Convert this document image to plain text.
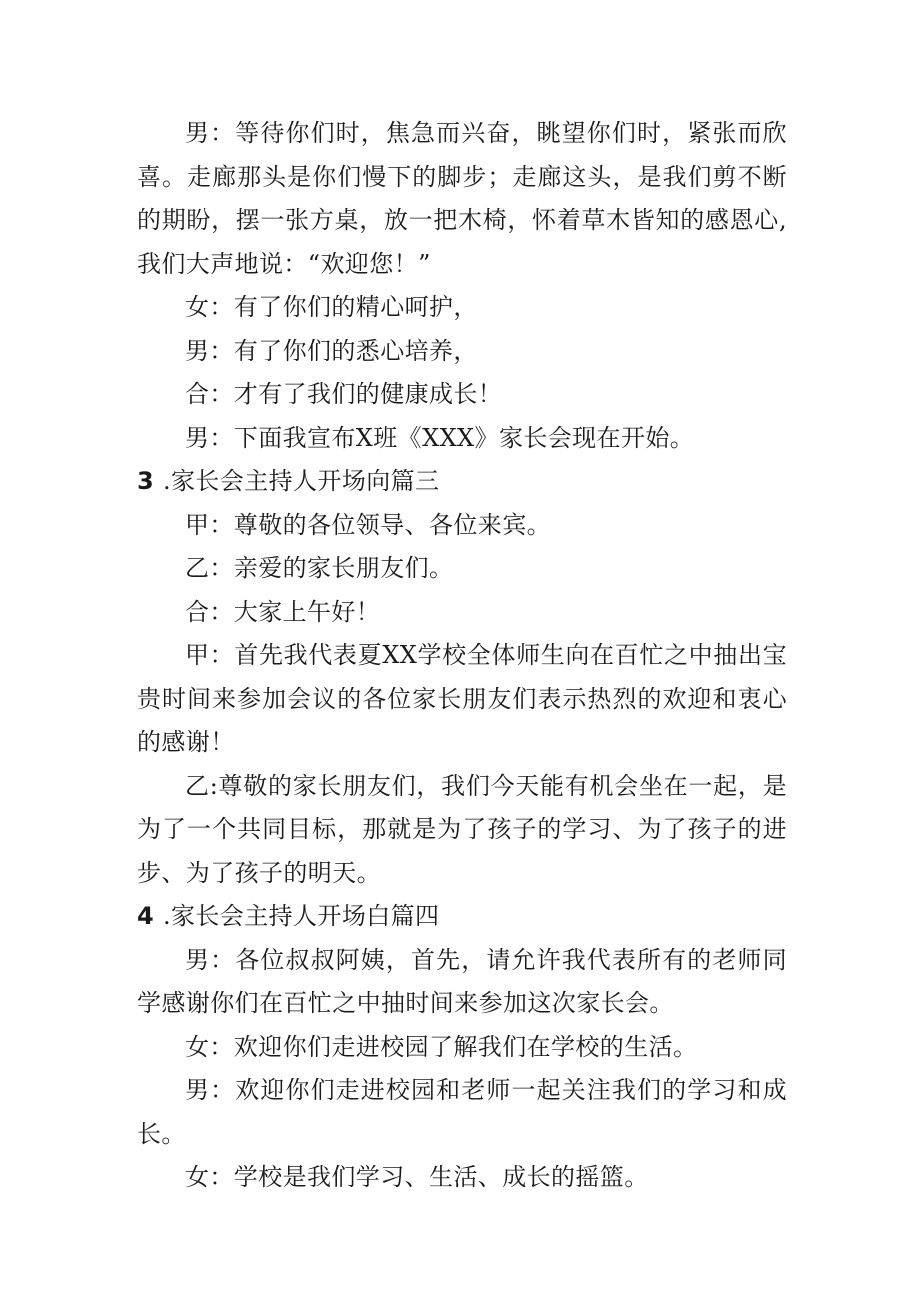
男：等待你们时，焦急而兴奋，眺望你们时，紧张而欣喜。走廊那头是你们慢下的脚步；走廊这头，是我们剪不断的期盼，摆一张方桌，放一把木椅，怀着草木皆知的感恩心,我们大声地说：“欢迎您！”

女：有了你们的精心呵护，

男：有了你们的悉心培养，

合：才有了我们的健康成长！

男：下面我宣布X班《XXX》家长会现在开始。

3 .家长会主持人开场向篇三

甲：尊敬的各位领导、各位来宾。

乙：亲爱的家长朋友们。

合：大家上午好！

甲：首先我代表夏XX学校全体师生向在百忙之中抽出宝贵时间来参加会议的各位家长朋友们表示热烈的欢迎和衷心的感谢！

乙:尊敬的家长朋友们，我们今天能有机会坐在一起，是为了一个共同目标，那就是为了孩子的学习、为了孩子的进步、为了孩子的明天。

4 .家长会主持人开场白篇四

男：各位叔叔阿姨，首先，请允许我代表所有的老师同学感谢你们在百忙之中抽时间来参加这次家长会。

女：欢迎你们走进校园了解我们在学校的生活。

男：欢迎你们走进校园和老师一起关注我们的学习和成长。

女：学校是我们学习、生活、成长的摇篮。
